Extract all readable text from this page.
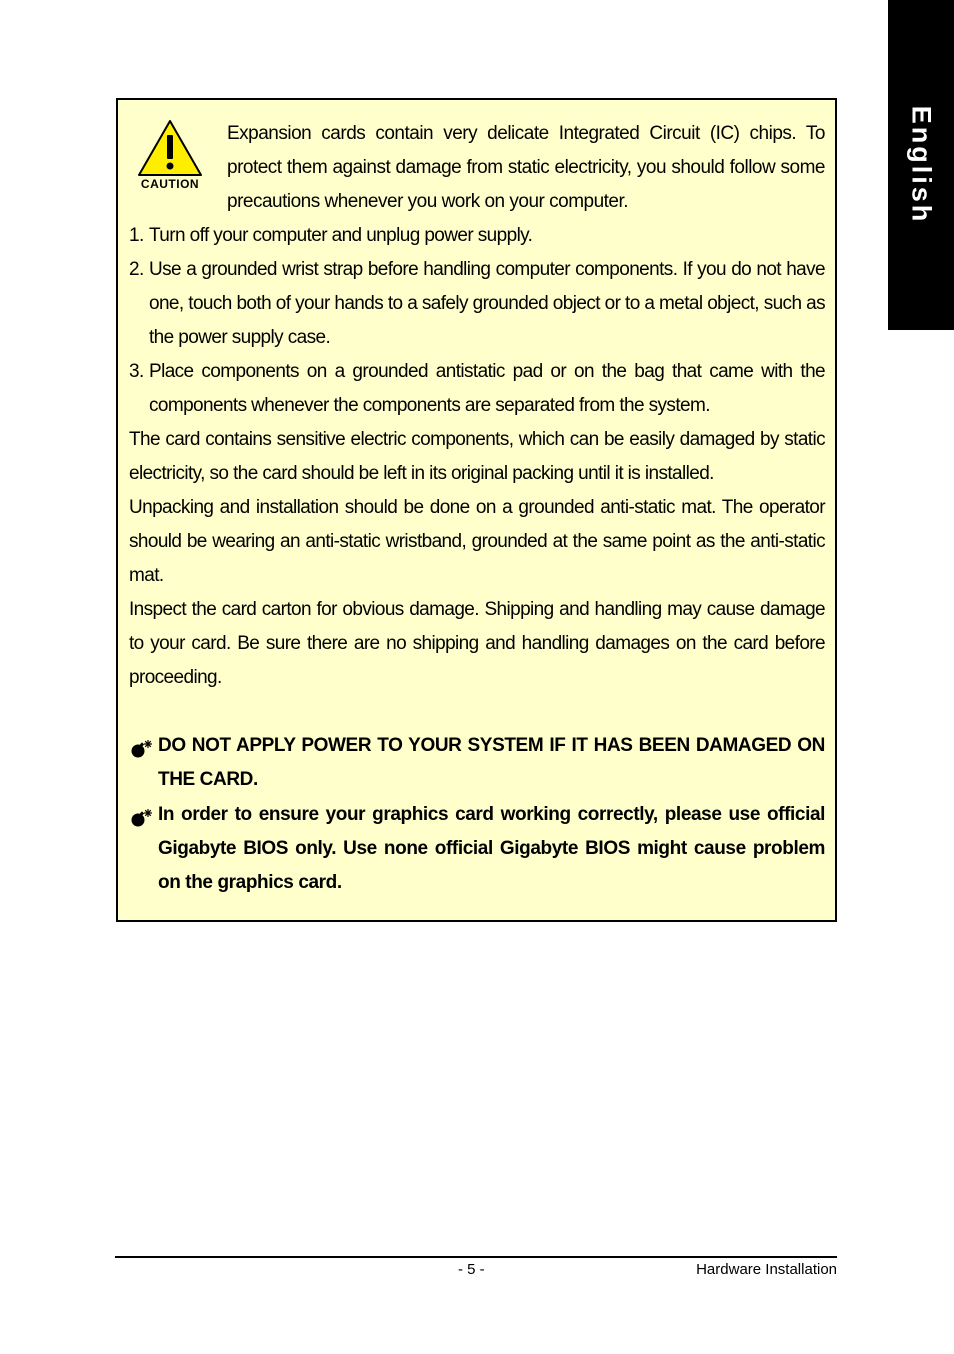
English
CAUTION
Expansion cards contain very delicate Integrated Circuit (IC) chips. To protect them against damage from static electricity, you should follow some precautions whenever you work on your computer.
1. Turn off your computer and unplug power supply.
2. Use a grounded wrist strap before handling computer components. If you do not have one, touch both of your hands to a safely grounded object or to a metal object, such as the power supply case.
3. Place components on a grounded antistatic pad or on the bag that came with the components whenever the components are separated from the system.
The card contains sensitive electric components, which can be easily damaged by static electricity, so the card should be left in its original packing until it is installed.
Unpacking and installation should be done on a grounded anti-static mat. The operator should be wearing an anti-static wristband, grounded at the same point as the anti-static mat.
Inspect the card carton for obvious damage. Shipping and handling may cause damage to your card. Be sure there are no shipping and handling damages on the card before proceeding.
DO NOT APPLY POWER TO YOUR SYSTEM IF IT HAS BEEN DAMAGED ON THE CARD.
In order to ensure your graphics card working correctly, please use official Gigabyte BIOS only. Use none official Gigabyte BIOS might cause problem on the graphics card.
- 5 -	Hardware Installation
